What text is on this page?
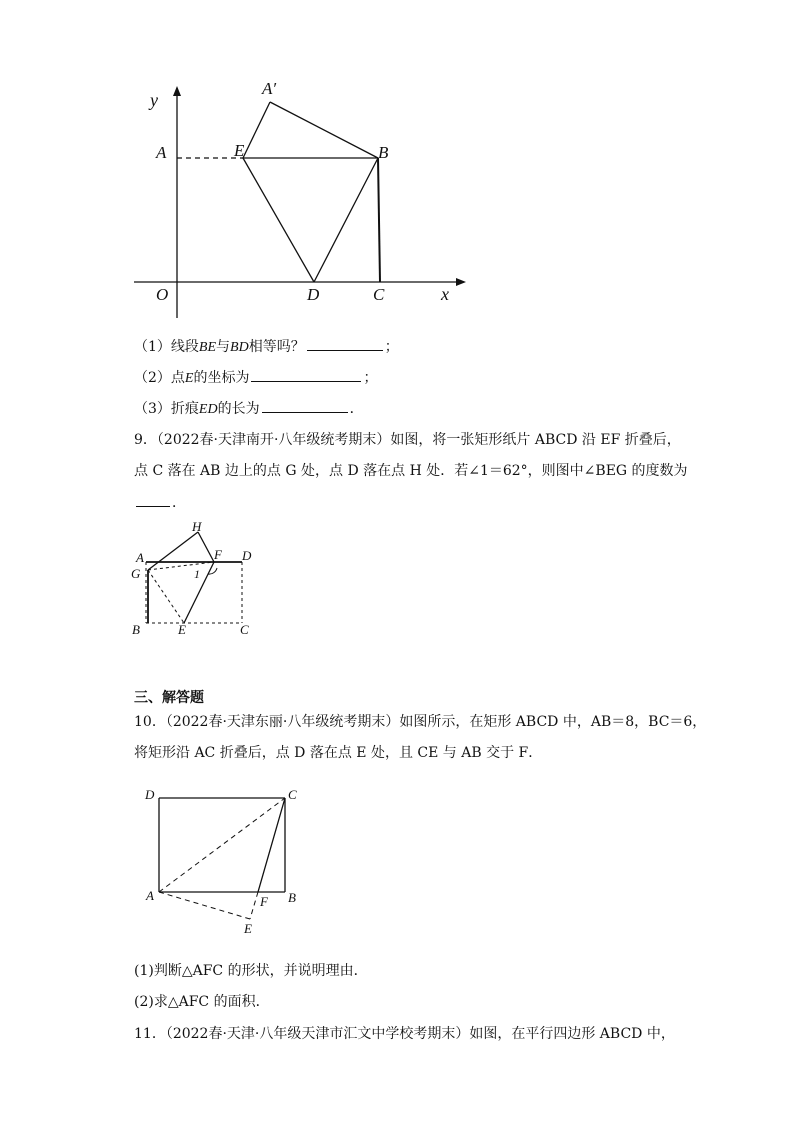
y
A′
A	E	B
O	D	C	x
（1）线段BE与BD相等吗？	；
（2）点E的坐标为	；
（3）折痕ED的长为	．
9．（2022春·天津南开·八年级统考期末）如图，将一张矩形纸片 ABCD 沿 EF 折叠后，
点 C 落在 AB 边上的点 G 处，点 D 落在点 H 处．若∠1＝62°，则图中∠BEG 的度数为
．
H
A	F D
G	1
B	E	C
三、解答题
10．（2022春·天津东丽·八年级统考期末）如图所示，在矩形 ABCD 中，AB＝8，BC＝6，
将矩形沿 AC 折叠后，点 D 落在点 E 处，且 CE 与 AB 交于 F．
D	C
A	F B
E
(1)判断△AFC 的形状，并说明理由．
(2)求△AFC 的面积．
11．（2022春·天津·八年级天津市汇文中学校考期末）如图，在平行四边形 ABCD 中，
